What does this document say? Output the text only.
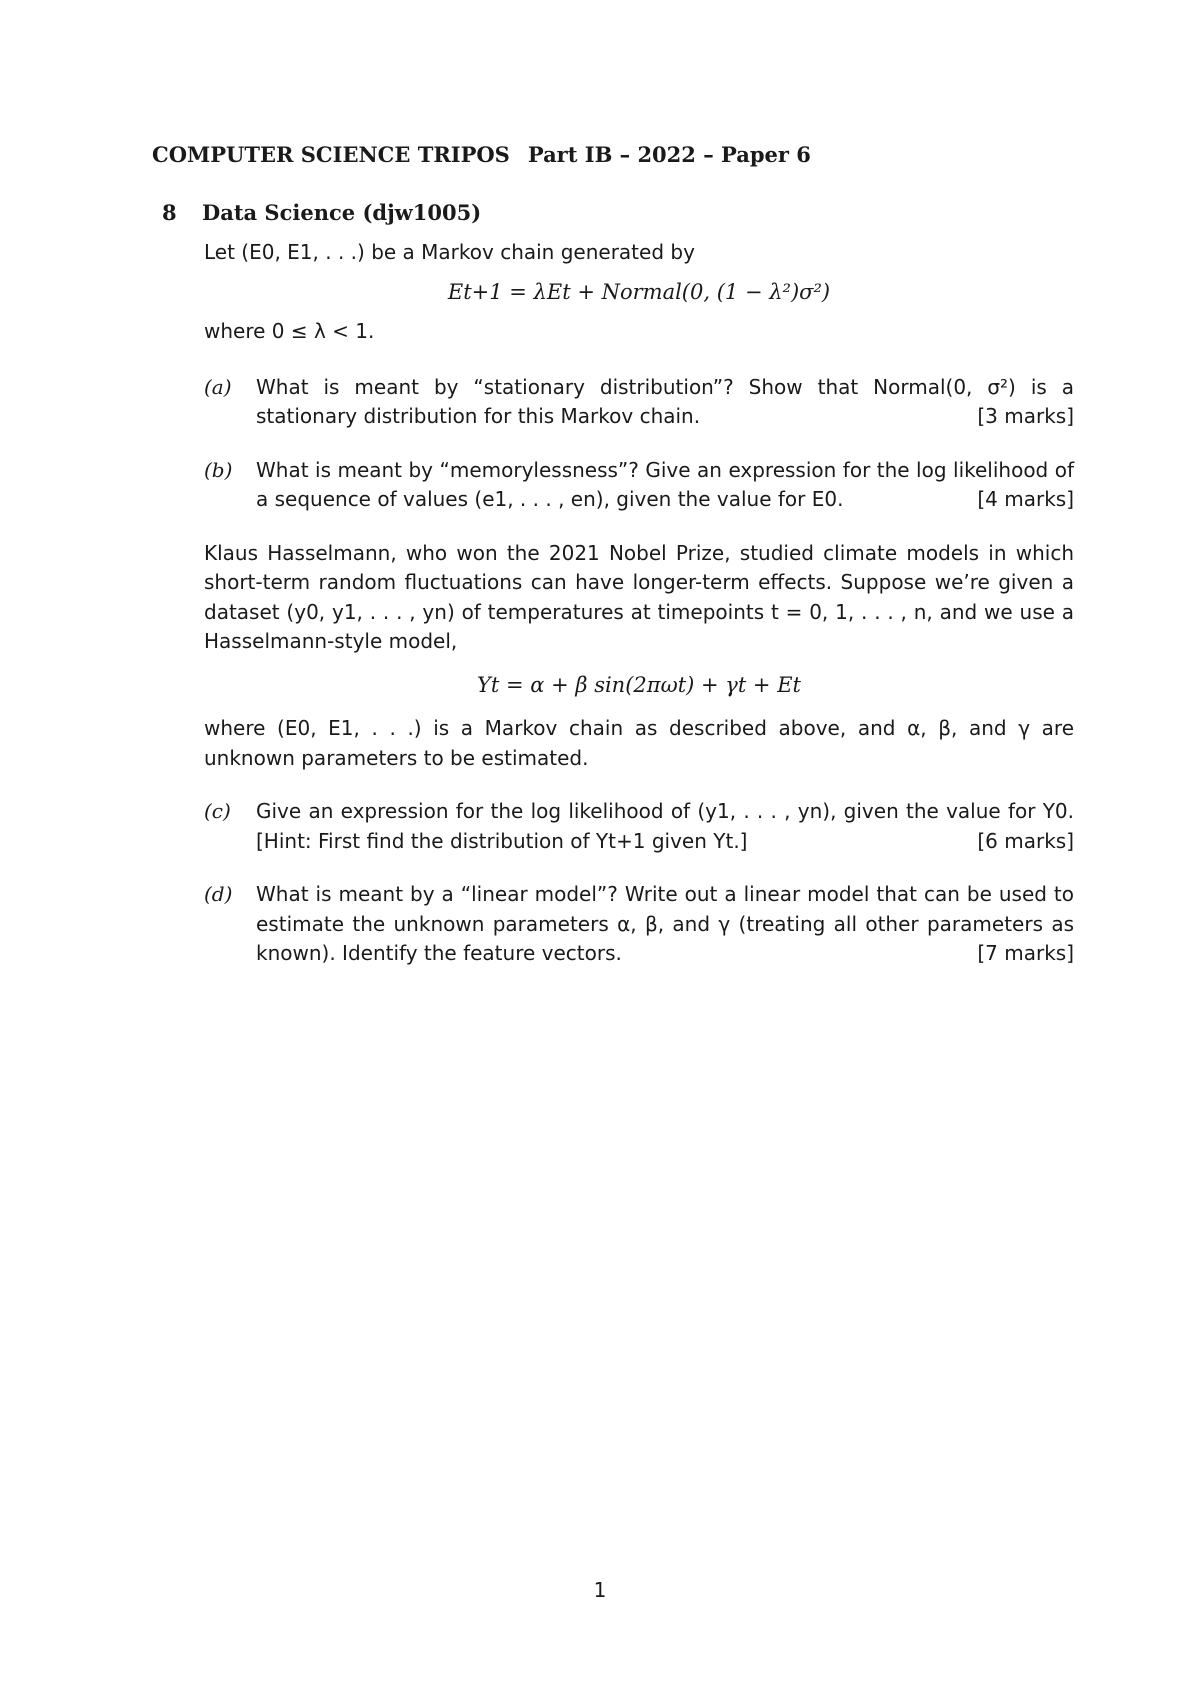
COMPUTER SCIENCE TRIPOS Part IB – 2022 – Paper 6
8 Data Science (djw1005)

Let (E0, E1, . . .) be a Markov chain generated by

Et+1 = λEt + Normal(0, (1 − λ²)σ²)

where 0 ≤ λ < 1.

(a) What is meant by “stationary distribution”? Show that Normal(0, σ²) is a stationary distribution for this Markov chain.	[3 marks]

(b) What is meant by “memorylessness”? Give an expression for the log likelihood of a sequence of values (e1, . . . , en), given the value for E0.	[4 marks]

Klaus Hasselmann, who won the 2021 Nobel Prize, studied climate models in which short-term random fluctuations can have longer-term effects. Suppose we’re given a dataset (y0, y1, . . . , yn) of temperatures at timepoints t = 0, 1, . . . , n, and we use a Hasselmann-style model,

Yt = α + β sin(2πωt) + γt + Et

where (E0, E1, . . .) is a Markov chain as described above, and α, β, and γ are unknown parameters to be estimated.

(c) Give an expression for the log likelihood of (y1, . . . , yn), given the value for Y0. [Hint: First find the distribution of Yt+1 given Yt.]	[6 marks]

(d) What is meant by a “linear model”? Write out a linear model that can be used to estimate the unknown parameters α, β, and γ (treating all other parameters as known). Identify the feature vectors.	[7 marks]

1
